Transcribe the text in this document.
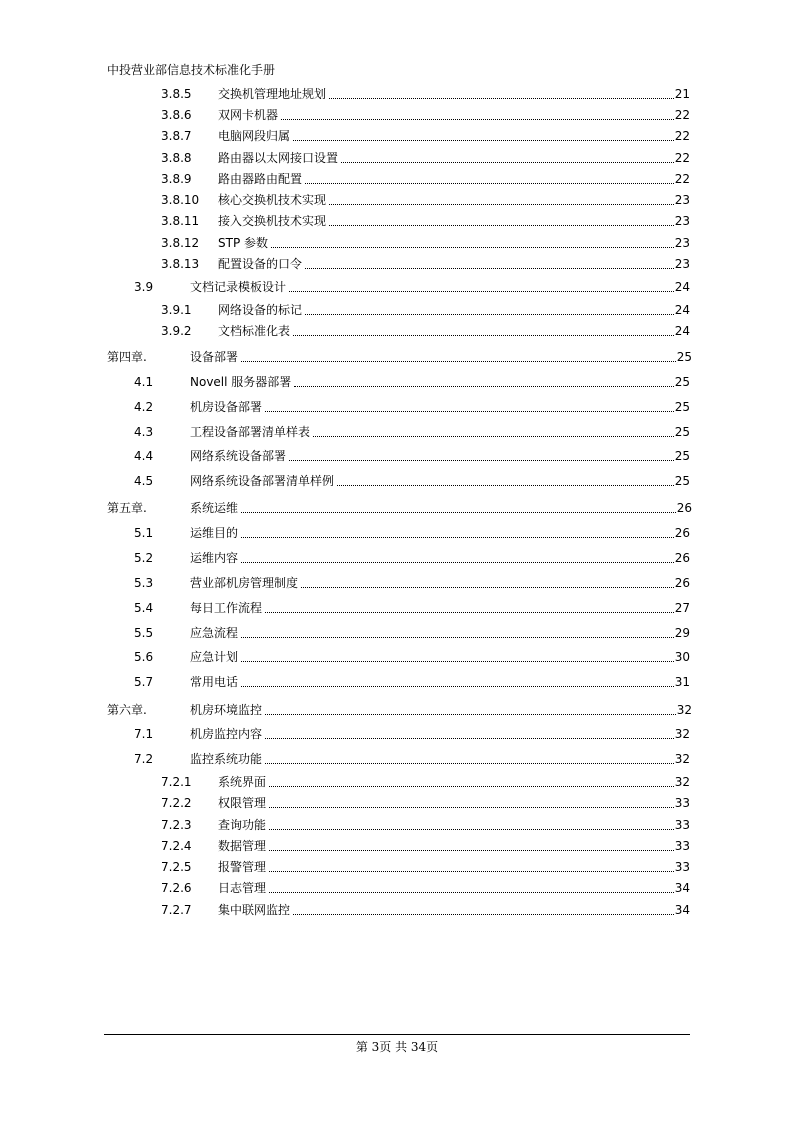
中投营业部信息技术标准化手册
3.8.5 交换机管理地址规划	21
3.8.6 双网卡机器	22
3.8.7 电脑网段归属	22
3.8.8 路由器以太网接口设置	22
3.8.9 路由器路由配置	22
3.8.10 核心交换机技术实现	23
3.8.11 接入交换机技术实现	23
3.8.12 STP 参数	23
3.8.13 配置设备的口令	23
3.9	文档记录模板设计	24
3.9.1 网络设备的标记	24
3.9.2 文档标准化表	24
第四章.	设备部署	25
4.1	Novell 服务器部署	25
4.2	机房设备部署	25
4.3	工程设备部署清单样表	25
4.4	网络系统设备部署	25
4.5	网络系统设备部署清单样例	25
第五章.	系统运维	26
5.1	运维目的	26
5.2	运维内容	26
5.3	营业部机房管理制度	26
5.4	每日工作流程	27
5.5	应急流程	29
5.6	应急计划	30
5.7	常用电话	31
第六章.	机房环境监控	32
7.1	机房监控内容	32
7.2	监控系统功能	32
7.2.1 系统界面	32
7.2.2 权限管理	33
7.2.3 查询功能	33
7.2.4 数据管理	33
7.2.5 报警管理	33
7.2.6 日志管理	34
7.2.7 集中联网监控	34
第 3页 共 34页
